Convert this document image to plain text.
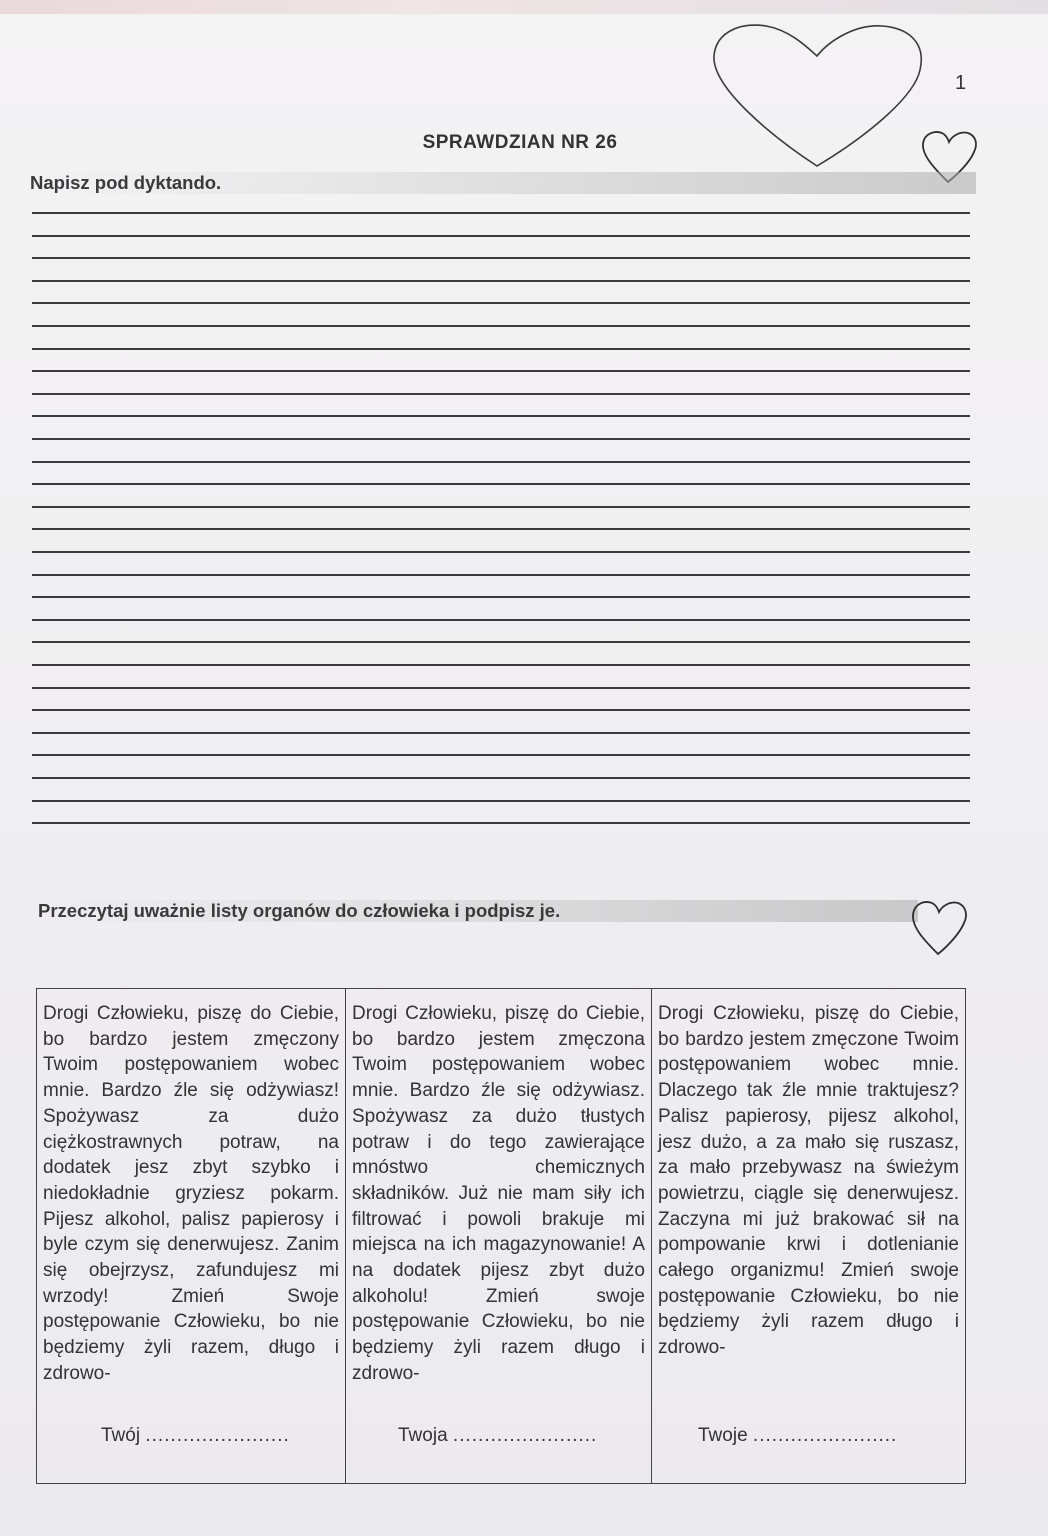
1
SPRAWDZIAN NR 26
Napisz pod dyktando.
Przeczytaj uważnie listy organów do człowieka i podpisz je.
Drogi Człowieku, piszę do Ciebie, bo bardzo jestem zmęczony Twoim postępowaniem wobec mnie. Bardzo źle się odżywiasz! Spożywasz za dużo ciężkostrawnych potraw, na dodatek jesz zbyt szybko i niedokładnie gryziesz pokarm. Pijesz alkohol, palisz papierosy i byle czym się denerwujesz. Zanim się obejrzysz, zafundujesz mi wrzody! Zmień Swoje postępowanie Człowieku, bo nie będziemy żyli razem, długo i zdrowo-
Twój .......................
Drogi Człowieku, piszę do Ciebie, bo bardzo jestem zmęczona Twoim postępowaniem wobec mnie. Bardzo źle się odżywiasz. Spożywasz za dużo tłustych potraw i do tego zawierające mnóstwo chemicznych składników. Już nie mam siły ich filtrować i powoli brakuje mi miejsca na ich magazynowanie! A na dodatek pijesz zbyt dużo alkoholu! Zmień swoje postępowanie Człowieku, bo nie będziemy żyli razem długo i zdrowo-
Twoja .......................
Drogi Człowieku, piszę do Ciebie, bo bardzo jestem zmęczone Twoim postępowaniem wobec mnie. Dlaczego tak źle mnie traktujesz? Palisz papierosy, pijesz alkohol, jesz dużo, a za mało się ruszasz, za mało przebywasz na świeżym powietrzu, ciągle się denerwujesz. Zaczyna mi już brakować sił na pompowanie krwi i dotlenianie całego organizmu! Zmień swoje postępowanie Człowieku, bo nie będziemy żyli razem długo i zdrowo-
Twoje .......................
